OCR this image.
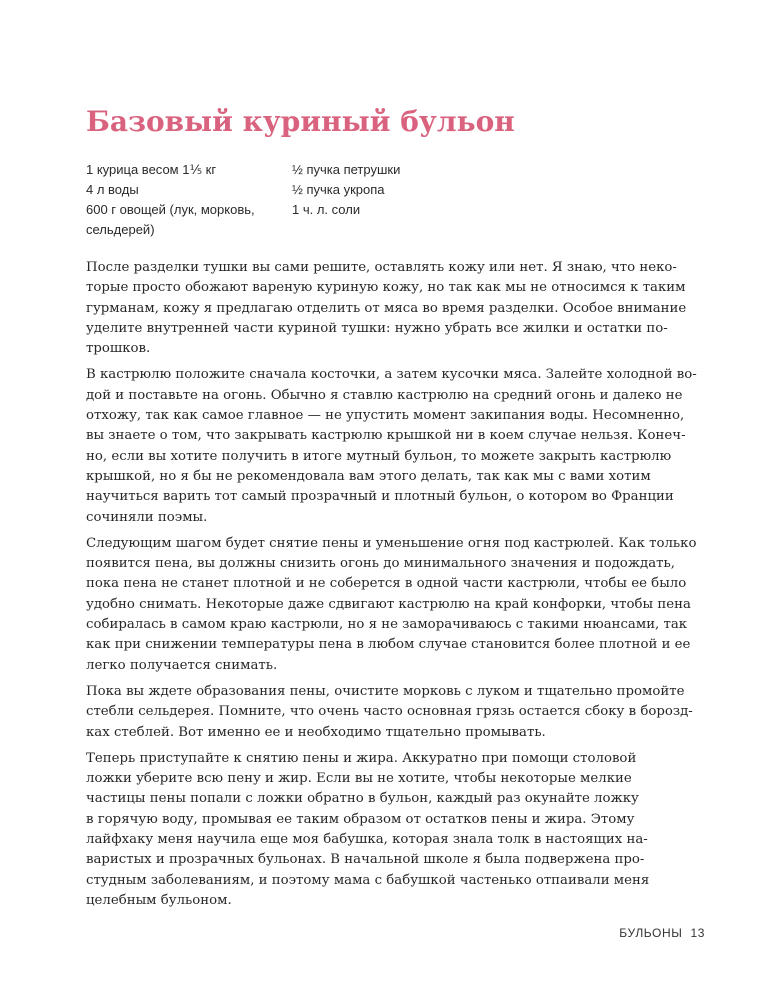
Базовый куриный бульон
1 курица весом 1⅕ кг
4 л воды
600 г овощей (лук, морковь,
сельдерей)
½ пучка петрушки
½ пучка укропа
1 ч. л. соли

После разделки тушки вы сами решите, оставлять кожу или нет. Я знаю, что неко-
торые просто обожают вареную куриную кожу, но так как мы не относимся к таким
гурманам, кожу я предлагаю отделить от мяса во время разделки. Особое внимание
уделите внутренней части куриной тушки: нужно убрать все жилки и остатки по-
трошков.

В кастрюлю положите сначала косточки, а затем кусочки мяса. Залейте холодной во-
дой и поставьте на огонь. Обычно я ставлю кастрюлю на средний огонь и далеко не
отхожу, так как самое главное — не упустить момент закипания воды. Несомненно,
вы знаете о том, что закрывать кастрюлю крышкой ни в коем случае нельзя. Конеч-
но, если вы хотите получить в итоге мутный бульон, то можете закрыть кастрюлю
крышкой, но я бы не рекомендовала вам этого делать, так как мы с вами хотим
научиться варить тот самый прозрачный и плотный бульон, о котором во Франции
сочиняли поэмы.

Следующим шагом будет снятие пены и уменьшение огня под кастрюлей. Как только
появится пена, вы должны снизить огонь до минимального значения и подождать,
пока пена не станет плотной и не соберется в одной части кастрюли, чтобы ее было
удобно снимать. Некоторые даже сдвигают кастрюлю на край конфорки, чтобы пена
собиралась в самом краю кастрюли, но я не заморачиваюсь с такими нюансами, так
как при снижении температуры пена в любом случае становится более плотной и ее
легко получается снимать.

Пока вы ждете образования пены, очистите морковь с луком и тщательно промойте
стебли сельдерея. Помните, что очень часто основная грязь остается сбоку в борозд-
ках стеблей. Вот именно ее и необходимо тщательно промывать.

Теперь приступайте к снятию пены и жира. Аккуратно при помощи столовой
ложки уберите всю пену и жир. Если вы не хотите, чтобы некоторые мелкие
частицы пены попали с ложки обратно в бульон, каждый раз окунайте ложку
в горячую воду, промывая ее таким образом от остатков пены и жира. Этому
лайфхаку меня научила еще моя бабушка, которая знала толк в настоящих на-
варистых и прозрачных бульонах. В начальной школе я была подвержена про-
студным заболеваниям, и поэтому мама с бабушкой частенько отпаивали меня
целебным бульоном.

БУЛЬОНЫ 13
